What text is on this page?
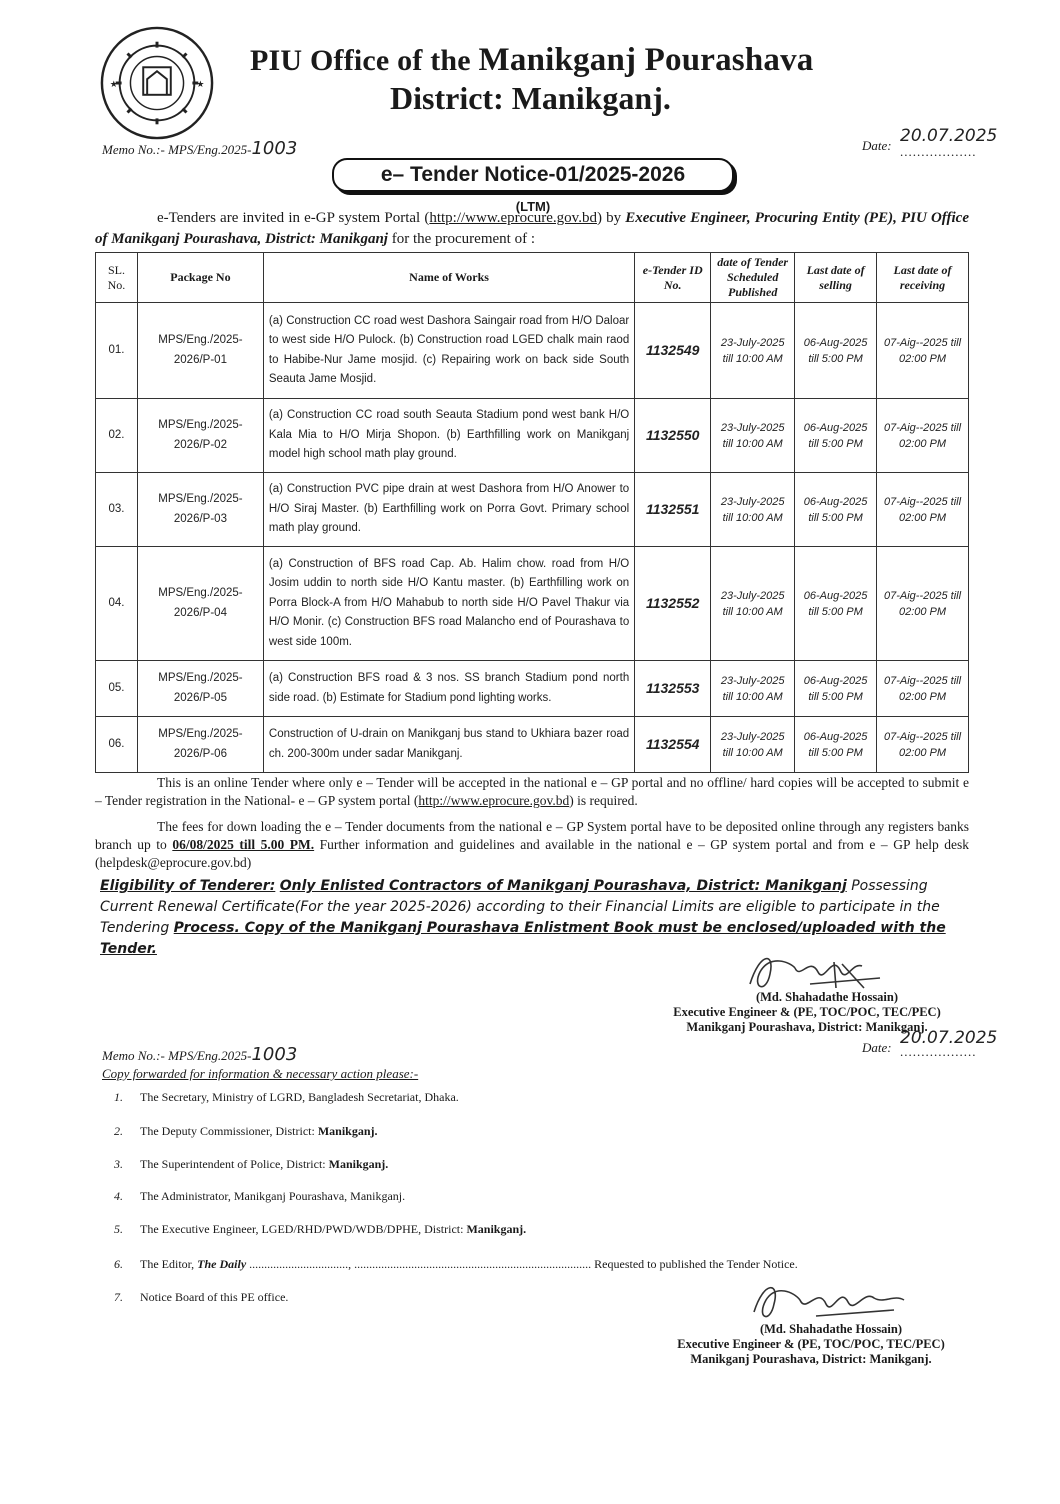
★	★
PIU Office of the Manikganj Pourashava
District: Manikganj.
Memo No.:- MPS/Eng.2025-1003	Date: 20.07.2025
..................
e– Tender Notice-01/2025-2026
(LTM)
e-Tenders are invited in e-GP system Portal (http://www.eprocure.gov.bd) by Executive Engineer, Procuring Entity (PE), PIU Office of Manikganj Pourashava, District: Manikganj for the procurement of :
SL. No.	Package No	Name of Works	e-Tender ID No.	date of Tender Scheduled Published	Last date of selling	Last date of receiving
01.	MPS/Eng./2025-2026/P-01	(a) Construction CC road west Dashora Saingair road from H/O Daloar to west side H/O Pulock. (b) Construction road LGED chalk main raod to Habibe-Nur Jame mosjid. (c) Repairing work on back side South Seauta Jame Mosjid.	1132549	23-July-2025 till 10:00 AM	06-Aug-2025 till 5:00 PM	07-Aig--2025 till 02:00 PM
02.	MPS/Eng./2025-2026/P-02	(a) Construction CC road south Seauta Stadium pond west bank H/O Kala Mia to H/O Mirja Shopon. (b) Earthfilling work on Manikganj model high school math play ground.	1132550	23-July-2025 till 10:00 AM	06-Aug-2025 till 5:00 PM	07-Aig--2025 till 02:00 PM
03.	MPS/Eng./2025-2026/P-03	(a) Construction PVC pipe drain at west Dashora from H/O Anower to H/O Siraj Master. (b) Earthfilling work on Porra Govt. Primary school math play ground.	1132551	23-July-2025 till 10:00 AM	06-Aug-2025 till 5:00 PM	07-Aig--2025 till 02:00 PM
04.	MPS/Eng./2025-2026/P-04	(a) Construction of BFS road Cap. Ab. Halim chow. road from H/O Josim uddin to north side H/O Kantu master. (b) Earthfilling work on Porra Block-A from H/O Mahabub to north side H/O Pavel Thakur via H/O Monir. (c) Construction BFS road Malancho end of Pourashava to west side 100m.	1132552	23-July-2025 till 10:00 AM	06-Aug-2025 till 5:00 PM	07-Aig--2025 till 02:00 PM
05.	MPS/Eng./2025-2026/P-05	(a) Construction BFS road & 3 nos. SS branch Stadium pond north side road. (b) Estimate for Stadium pond lighting works.	1132553	23-July-2025 till 10:00 AM	06-Aug-2025 till 5:00 PM	07-Aig--2025 till 02:00 PM
06.	MPS/Eng./2025-2026/P-06	Construction of U-drain on Manikganj bus stand to Ukhiara bazer road ch. 200-300m under sadar Manikganj.	1132554	23-July-2025 till 10:00 AM	06-Aug-2025 till 5:00 PM	07-Aig--2025 till 02:00 PM
This is an online Tender where only e – Tender will be accepted in the national e – GP portal and no offline/ hard copies will be accepted to submit e – Tender registration in the National- e – GP system portal (http://www.eprocure.gov.bd) is required.
The fees for down loading the e – Tender documents from the national e – GP System portal have to be deposited online through any registers banks branch up to 06/08/2025 till 5.00 PM. Further information and guidelines and available in the national e – GP system portal and from e – GP help desk (helpdesk@eprocure.gov.bd)
Eligibility of Tenderer: Only Enlisted Contractors of Manikganj Pourashava, District: Manikganj Possessing Current Renewal Certificate(For the year 2025-2026) according to their Financial Limits are eligible to participate in the Tendering Process. Copy of the Manikganj Pourashava Enlistment Book must be enclosed/uploaded with the Tender.
(Md. Shahadathe Hossain)
Executive Engineer & (PE, TOC/POC, TEC/PEC)
Manikganj Pourashava, District: Manikganj.
Memo No.:- MPS/Eng.2025-1003	Date: 20.07.2025
..................
Copy forwarded for information & necessary action please:-
1. The Secretary, Ministry of LGRD, Bangladesh Secretariat, Dhaka.
2. The Deputy Commissioner, District: Manikganj.
3. The Superintendent of Police, District: Manikganj.
4. The Administrator, Manikganj Pourashava, Manikganj.
5. The Executive Engineer, LGED/RHD/PWD/WDB/DPHE, District: Manikganj.
6. The Editor, The Daily ................................., ............................................................................... Requested to published the Tender Notice.
7. Notice Board of this PE office.
(Md. Shahadathe Hossain)
Executive Engineer & (PE, TOC/POC, TEC/PEC)
Manikganj Pourashava, District: Manikganj.
